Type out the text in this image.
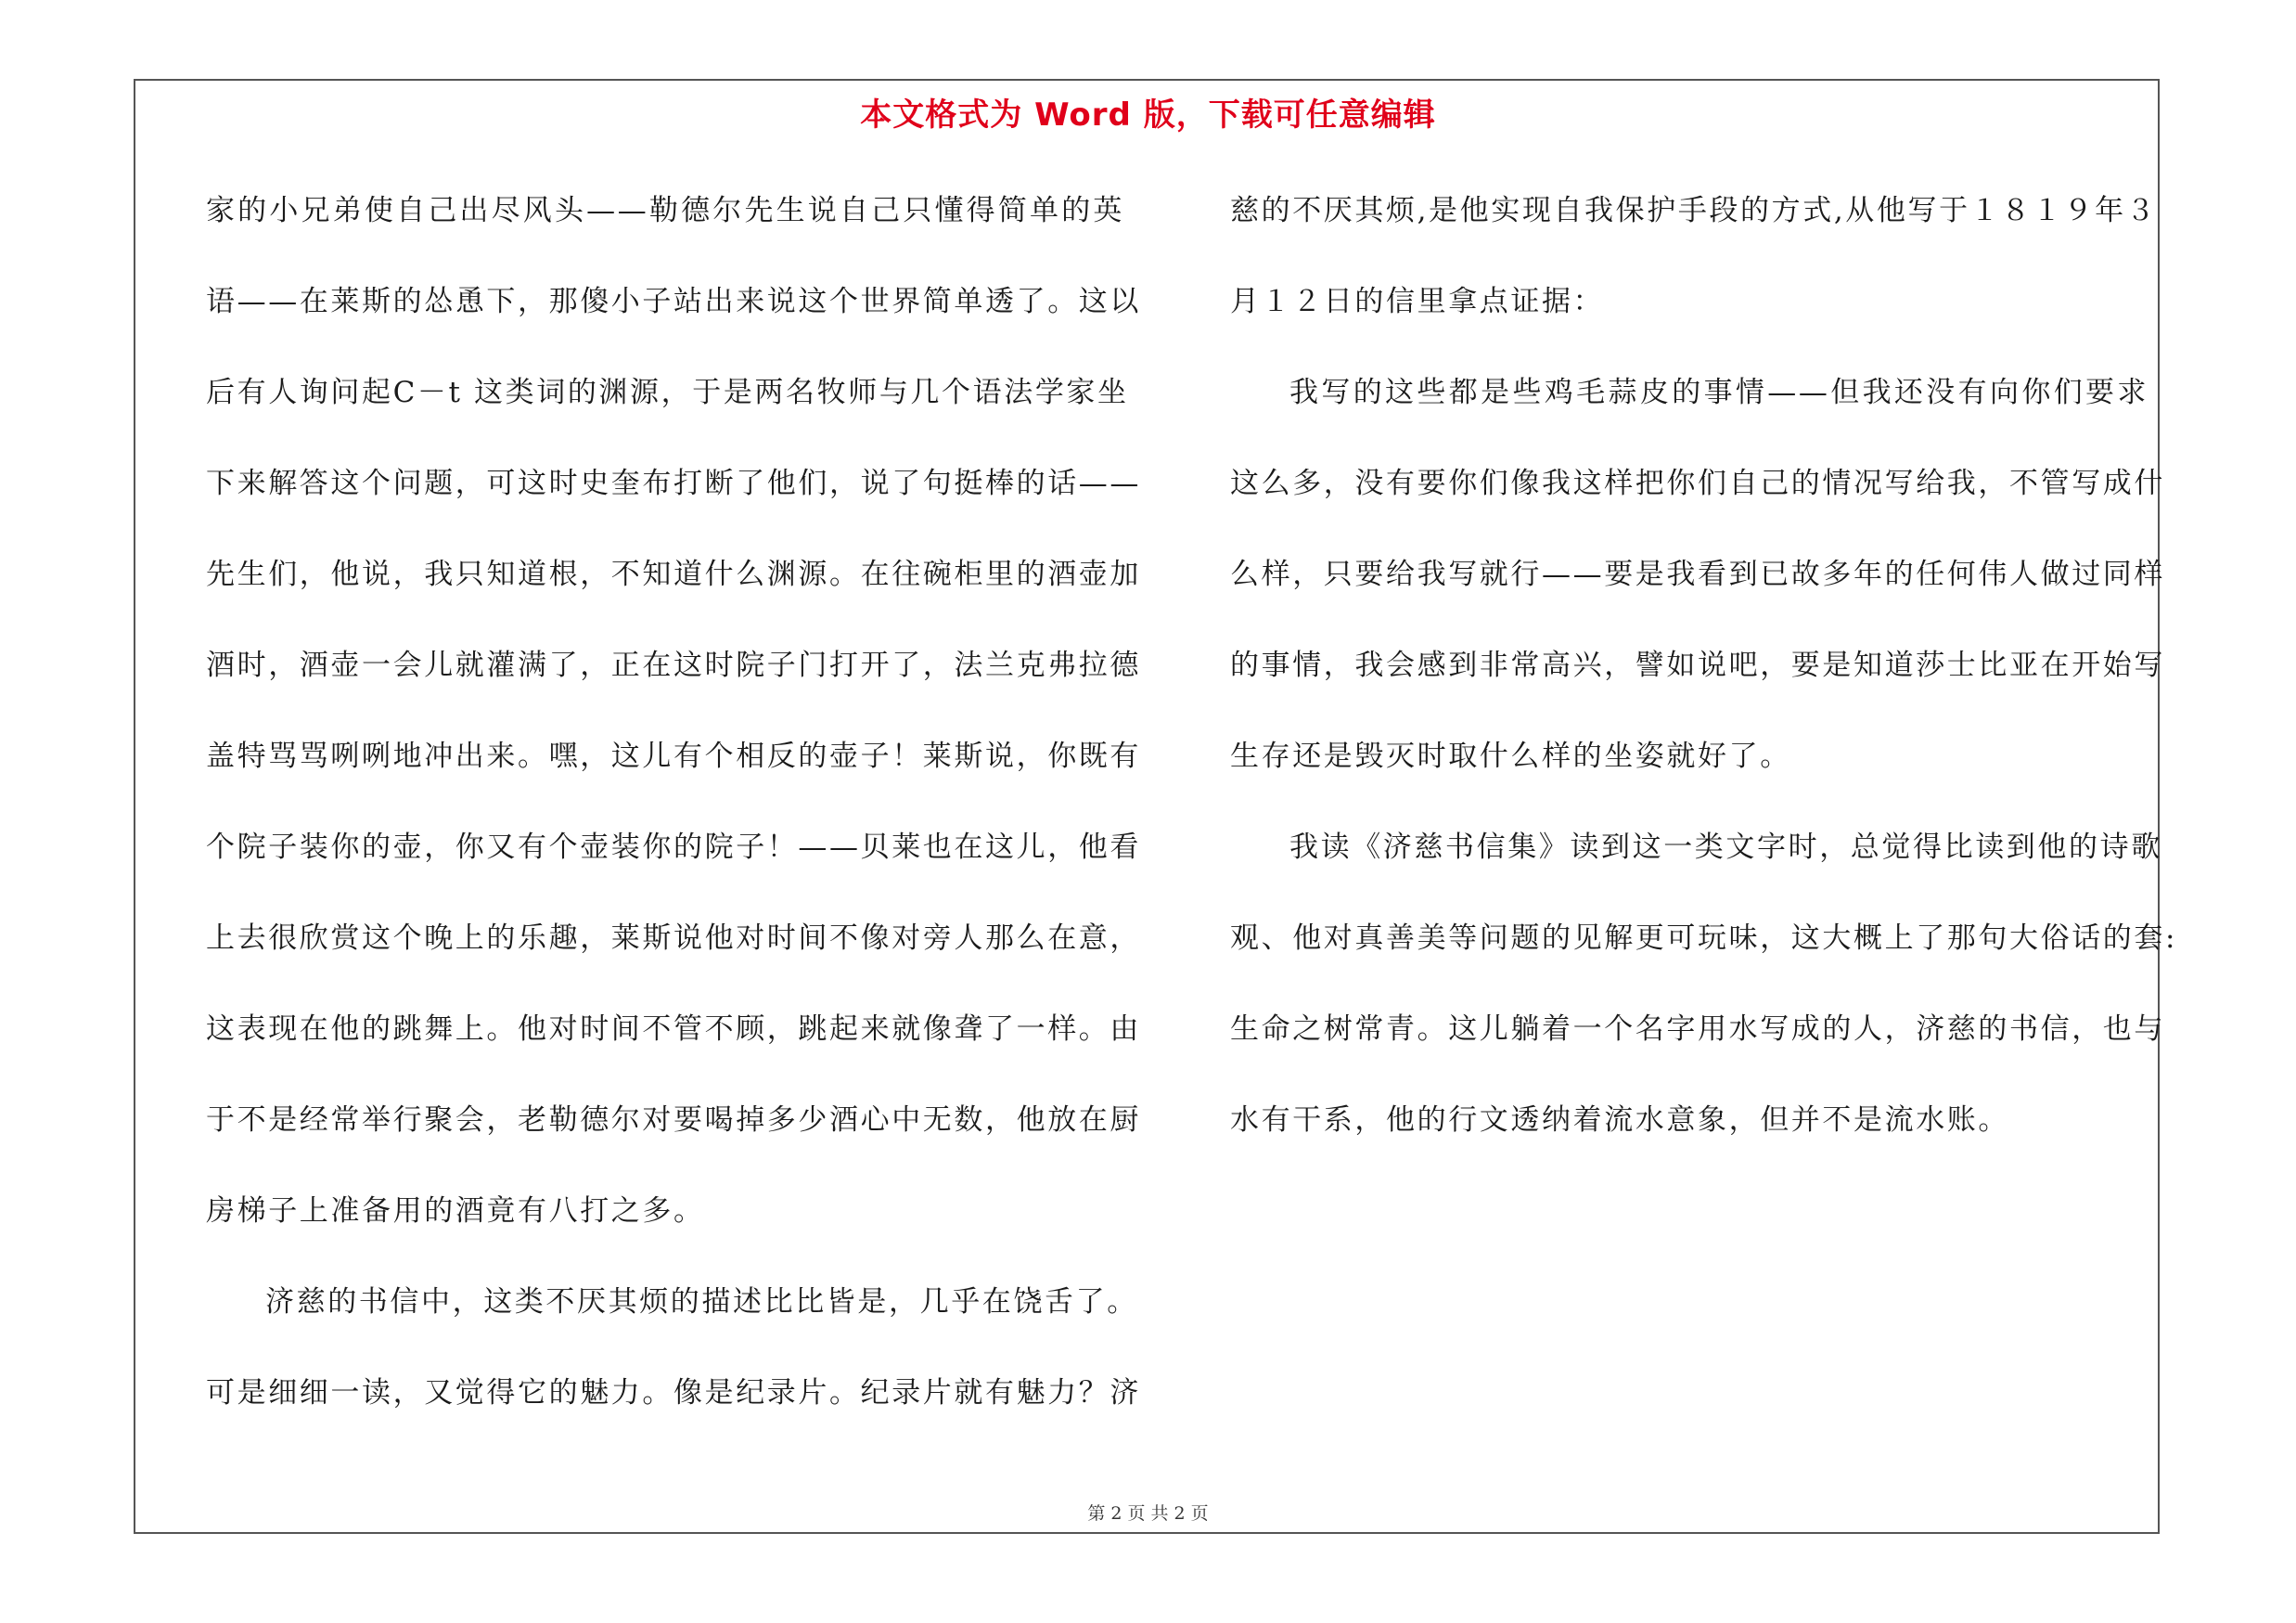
本文格式为 Word 版，下载可任意编辑
家的小兄弟使自己出尽风头——勒德尔先生说自己只懂得简单的英
语——在莱斯的怂恿下，那傻小子站出来说这个世界简单透了。这以
后有人询问起C－t 这类词的渊源，于是两名牧师与几个语法学家坐
下来解答这个问题，可这时史奎布打断了他们，说了句挺棒的话——
先生们，他说，我只知道根，不知道什么渊源。在往碗柜里的酒壶加
酒时，酒壶一会儿就灌满了，正在这时院子门打开了，法兰克弗拉德
盖特骂骂咧咧地冲出来。嘿，这儿有个相反的壶子！莱斯说，你既有
个院子装你的壶，你又有个壶装你的院子！——贝莱也在这儿，他看
上去很欣赏这个晚上的乐趣，莱斯说他对时间不像对旁人那么在意，
这表现在他的跳舞上。他对时间不管不顾，跳起来就像聋了一样。由
于不是经常举行聚会，老勒德尔对要喝掉多少酒心中无数，他放在厨
房梯子上准备用的酒竟有八打之多。
济慈的书信中，这类不厌其烦的描述比比皆是，几乎在饶舌了。
可是细细一读，又觉得它的魅力。像是纪录片。纪录片就有魅力？济
慈的不厌其烦,是他实现自我保护手段的方式,从他写于１８１９年３
月１２日的信里拿点证据：
我写的这些都是些鸡毛蒜皮的事情——但我还没有向你们要求
这么多，没有要你们像我这样把你们自己的情况写给我，不管写成什
么样，只要给我写就行——要是我看到已故多年的任何伟人做过同样
的事情，我会感到非常高兴，譬如说吧，要是知道莎士比亚在开始写
生存还是毁灭时取什么样的坐姿就好了。
我读《济慈书信集》读到这一类文字时，总觉得比读到他的诗歌
观、他对真善美等问题的见解更可玩味，这大概上了那句大俗话的套:
生命之树常青。这儿躺着一个名字用水写成的人，济慈的书信，也与
水有干系，他的行文透纳着流水意象，但并不是流水账。
第 2 页 共 2 页
